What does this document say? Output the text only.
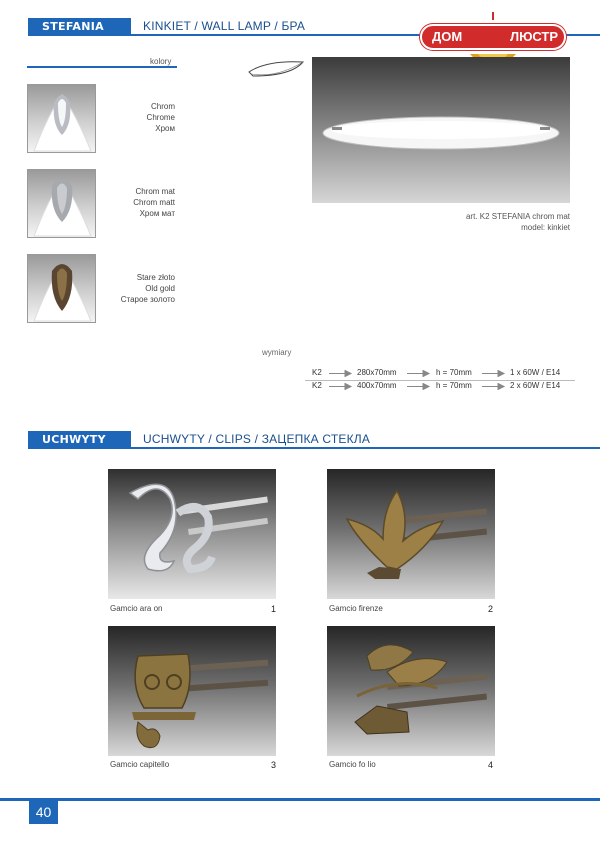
STEFANIA	KINKIET / WALL LAMP / БРА
ДОМ	ЛЮСТР
kolory
Chrom
Chrome
Хром
Chrom mat
Chrom matt
Хром мат
Stare złoto
Old gold
Старое золото
art. K2 STEFANIA chrom mat
model: kinkiet
wymiary
K2	280x70mm	h = 70mm	1 x 60W / E14
K2	400x70mm	h = 70mm	2 x 60W / E14
UCHWYTY	UCHWYTY / CLIPS / ЗАЦЕПКА СТЕКЛА
Gamcio ara on	1	Gamcio firenze	2
Gamcio capitello	3	Gamcio fo lio	4
40
